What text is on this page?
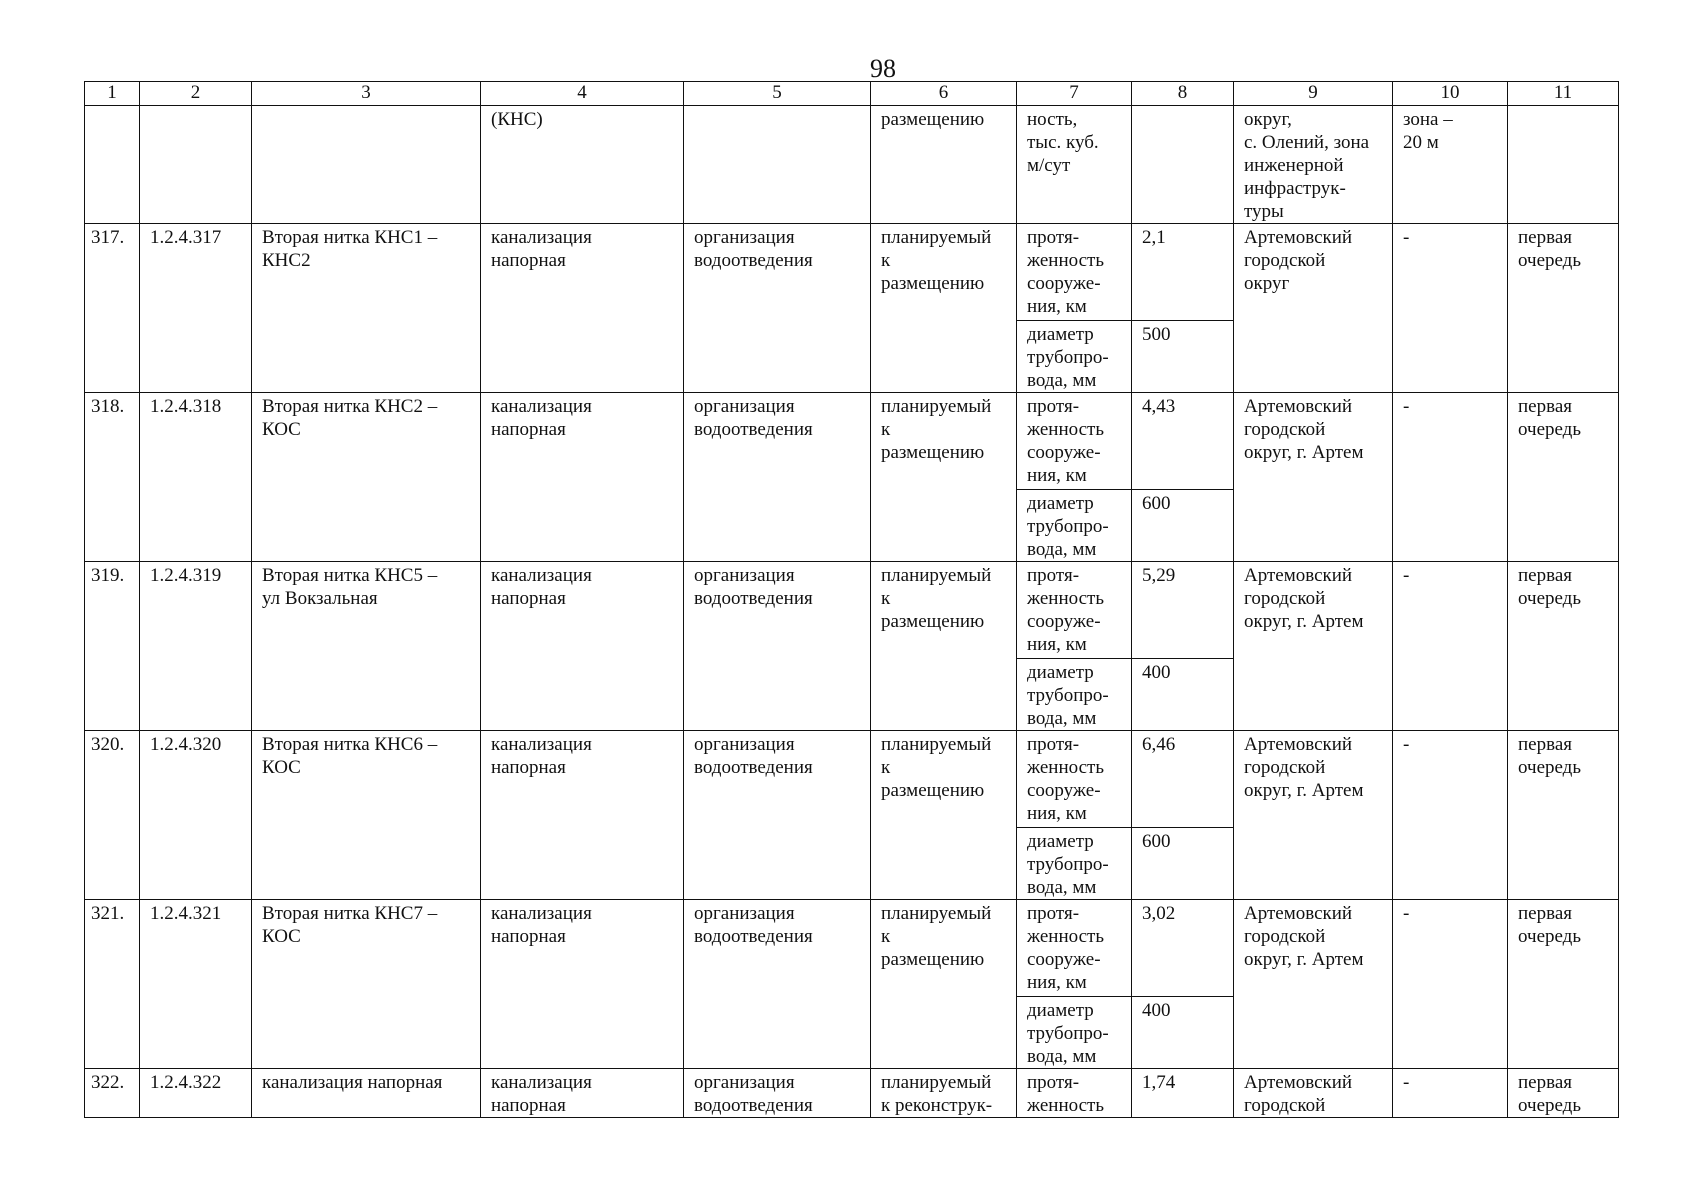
98
1	2	3	4	5	6	7	8	9	10	11
			(КНС)		размещению	ность,
тыс. куб.
м/сут		округ,
с. Олений, зона инженерной инфраструк-
туры	зона –
20 м	
317.	1.2.4.317	Вторая нитка КНС1 –
КНС2	канализация
напорная	организация
водоотведения	планируемый
к
размещению	протя-
женность
сооруже-
ния, км	2,1	Артемовский
городской
округ	-	первая
очередь
						диаметр
трубопро-
вода, мм	500			
318.	1.2.4.318	Вторая нитка КНС2 –
КОС	канализация
напорная	организация
водоотведения	планируемый
к
размещению	протя-
женность
сооруже-
ния, км	4,43	Артемовский
городской
округ, г. Артем	-	первая
очередь
						диаметр
трубопро-
вода, мм	600			
319.	1.2.4.319	Вторая нитка КНС5 –
ул Вокзальная	канализация
напорная	организация
водоотведения	планируемый
к
размещению	протя-
женность
сооруже-
ния, км	5,29	Артемовский
городской
округ, г. Артем	-	первая
очередь
						диаметр
трубопро-
вода, мм	400			
320.	1.2.4.320	Вторая нитка КНС6 –
КОС	канализация
напорная	организация
водоотведения	планируемый
к
размещению	протя-
женность
сооруже-
ния, км	6,46	Артемовский
городской
округ, г. Артем	-	первая
очередь
						диаметр
трубопро-
вода, мм	600			
321.	1.2.4.321	Вторая нитка КНС7 –
КОС	канализация
напорная	организация
водоотведения	планируемый
к
размещению	протя-
женность
сооруже-
ния, км	3,02	Артемовский
городской
округ, г. Артем	-	первая
очередь
						диаметр
трубопро-
вода, мм	400			
322.	1.2.4.322	канализация напорная	канализация
напорная	организация
водоотведения	планируемый
к реконструк-	протя-
женность	1,74	Артемовский
городской	-	первая
очередь
